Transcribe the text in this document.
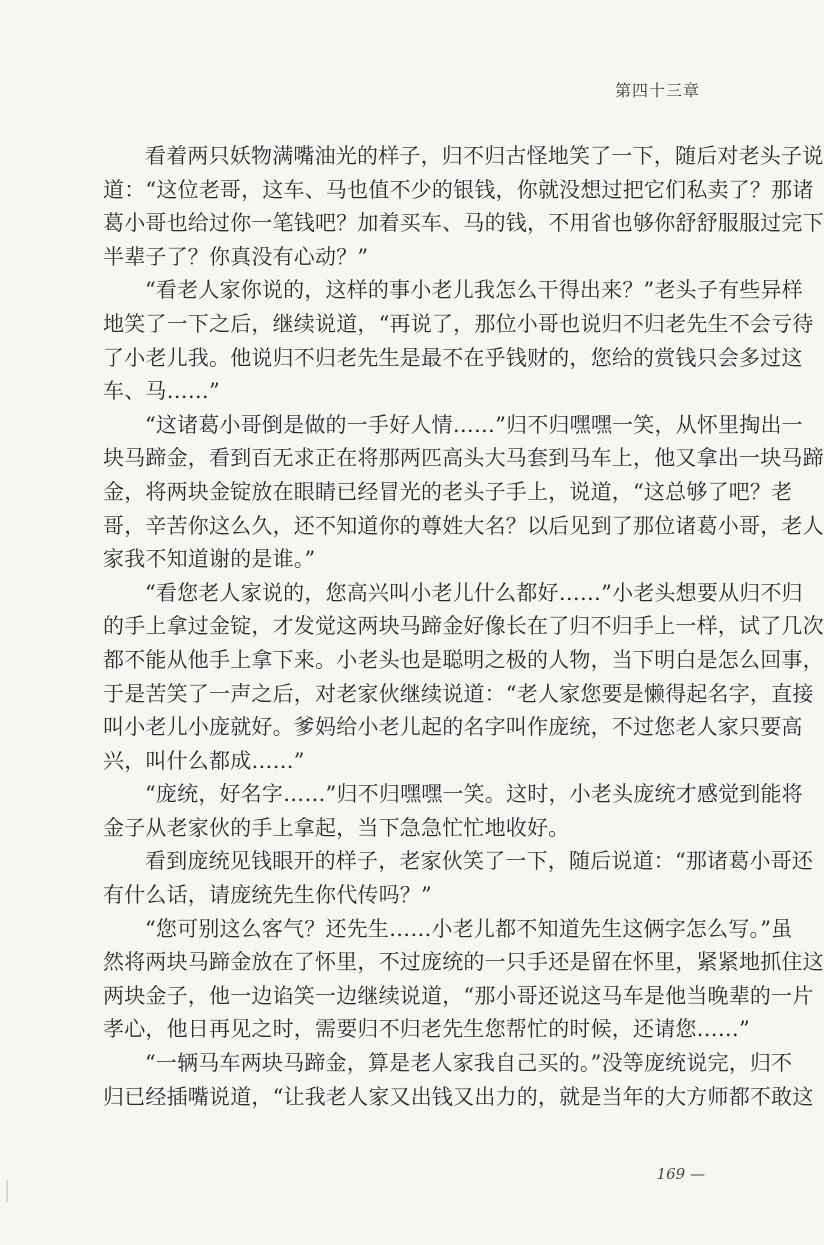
第四十三章
看着两只妖物满嘴油光的样子，归不归古怪地笑了一下，随后对老头子说
道：“这位老哥，这车、马也值不少的银钱，你就没想过把它们私卖了？那诸
葛小哥也给过你一笔钱吧？加着买车、马的钱，不用省也够你舒舒服服过完下
半辈子了？你真没有心动？”
“看老人家你说的，这样的事小老儿我怎么干得出来？”老头子有些异样
地笑了一下之后，继续说道，“再说了，那位小哥也说归不归老先生不会亏待
了小老儿我。他说归不归老先生是最不在乎钱财的，您给的赏钱只会多过这
车、马……”
“这诸葛小哥倒是做的一手好人情……”归不归嘿嘿一笑，从怀里掏出一
块马蹄金，看到百无求正在将那两匹高头大马套到马车上，他又拿出一块马蹄
金，将两块金锭放在眼睛已经冒光的老头子手上，说道，“这总够了吧？老
哥，辛苦你这么久，还不知道你的尊姓大名？以后见到了那位诸葛小哥，老人
家我不知道谢的是谁。”
“看您老人家说的，您高兴叫小老儿什么都好……”小老头想要从归不归
的手上拿过金锭，才发觉这两块马蹄金好像长在了归不归手上一样，试了几次
都不能从他手上拿下来。小老头也是聪明之极的人物，当下明白是怎么回事，
于是苦笑了一声之后，对老家伙继续说道：“老人家您要是懒得起名字，直接
叫小老儿小庞就好。爹妈给小老儿起的名字叫作庞统，不过您老人家只要高
兴，叫什么都成……”
“庞统，好名字……”归不归嘿嘿一笑。这时，小老头庞统才感觉到能将
金子从老家伙的手上拿起，当下急急忙忙地收好。
看到庞统见钱眼开的样子，老家伙笑了一下，随后说道：“那诸葛小哥还
有什么话，请庞统先生你代传吗？”
“您可别这么客气？还先生……小老儿都不知道先生这俩字怎么写。”虽
然将两块马蹄金放在了怀里，不过庞统的一只手还是留在怀里，紧紧地抓住这
两块金子，他一边谄笑一边继续说道，“那小哥还说这马车是他当晚辈的一片
孝心，他日再见之时，需要归不归老先生您帮忙的时候，还请您……”
“一辆马车两块马蹄金，算是老人家我自己买的。”没等庞统说完，归不
归已经插嘴说道，“让我老人家又出钱又出力的，就是当年的大方师都不敢这
169 —
